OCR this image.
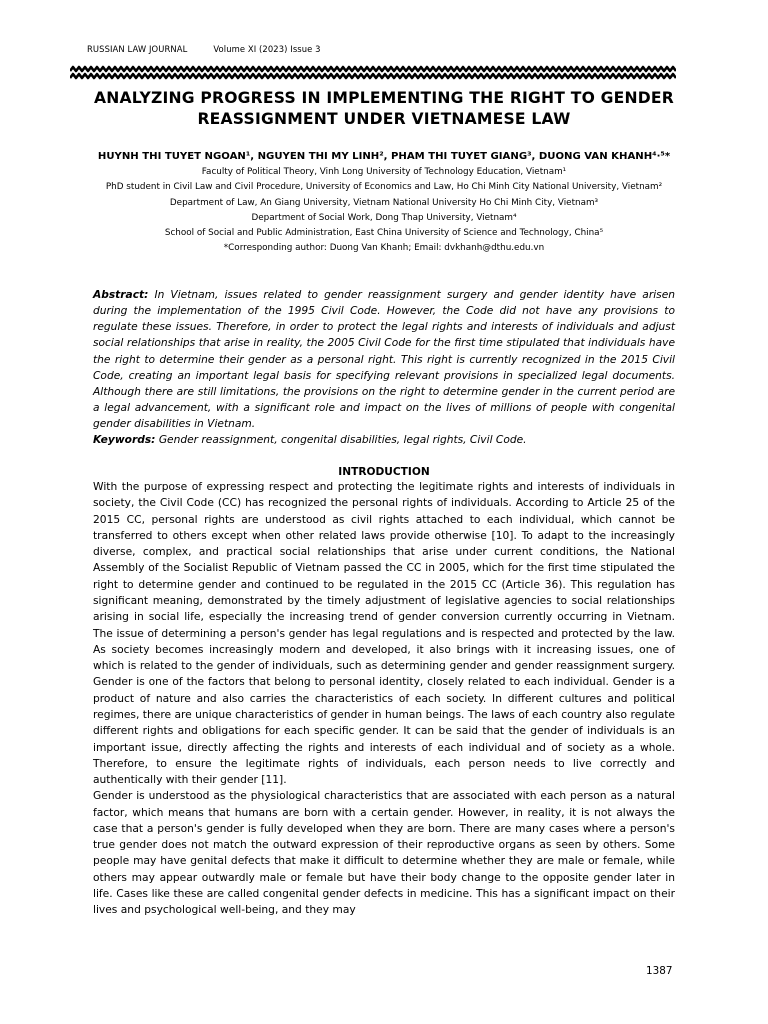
RUSSIAN LAW JOURNAL	Volume XI (2023) Issue 3
ANALYZING PROGRESS IN IMPLEMENTING THE RIGHT TO GENDER REASSIGNMENT UNDER VIETNAMESE LAW
HUYNH THI TUYET NGOAN¹, NGUYEN THI MY LINH², PHAM THI TUYET GIANG³, DUONG VAN KHANH⁴·⁵*
Faculty of Political Theory, Vinh Long University of Technology Education, Vietnam¹
PhD student in Civil Law and Civil Procedure, University of Economics and Law, Ho Chi Minh City National University, Vietnam²
Department of Law, An Giang University, Vietnam National University Ho Chi Minh City, Vietnam³
Department of Social Work, Dong Thap University, Vietnam⁴
School of Social and Public Administration, East China University of Science and Technology, China⁵
*Corresponding author: Duong Van Khanh; Email: dvkhanh@dthu.edu.vn
Abstract: In Vietnam, issues related to gender reassignment surgery and gender identity have arisen during the implementation of the 1995 Civil Code. However, the Code did not have any provisions to regulate these issues. Therefore, in order to protect the legal rights and interests of individuals and adjust social relationships that arise in reality, the 2005 Civil Code for the first time stipulated that individuals have the right to determine their gender as a personal right. This right is currently recognized in the 2015 Civil Code, creating an important legal basis for specifying relevant provisions in specialized legal documents. Although there are still limitations, the provisions on the right to determine gender in the current period are a legal advancement, with a significant role and impact on the lives of millions of people with congenital gender disabilities in Vietnam.
Keywords: Gender reassignment, congenital disabilities, legal rights, Civil Code.
INTRODUCTION

With the purpose of expressing respect and protecting the legitimate rights and interests of individuals in society, the Civil Code (CC) has recognized the personal rights of individuals. According to Article 25 of the 2015 CC, personal rights are understood as civil rights attached to each individual, which cannot be transferred to others except when other related laws provide otherwise [10]. To adapt to the increasingly diverse, complex, and practical social relationships that arise under current conditions, the National Assembly of the Socialist Republic of Vietnam passed the CC in 2005, which for the first time stipulated the right to determine gender and continued to be regulated in the 2015 CC (Article 36). This regulation has significant meaning, demonstrated by the timely adjustment of legislative agencies to social relationships arising in social life, especially the increasing trend of gender conversion currently occurring in Vietnam. The issue of determining a person's gender has legal regulations and is respected and protected by the law. As society becomes increasingly modern and developed, it also brings with it increasing issues, one of which is related to the gender of individuals, such as determining gender and gender reassignment surgery. Gender is one of the factors that belong to personal identity, closely related to each individual. Gender is a product of nature and also carries the characteristics of each society. In different cultures and political regimes, there are unique characteristics of gender in human beings. The laws of each country also regulate different rights and obligations for each specific gender. It can be said that the gender of individuals is an important issue, directly affecting the rights and interests of each individual and of society as a whole. Therefore, to ensure the legitimate rights of individuals, each person needs to live correctly and authentically with their gender [11].

Gender is understood as the physiological characteristics that are associated with each person as a natural factor, which means that humans are born with a certain gender. However, in reality, it is not always the case that a person's gender is fully developed when they are born. There are many cases where a person's true gender does not match the outward expression of their reproductive organs as seen by others. Some people may have genital defects that make it difficult to determine whether they are male or female, while others may appear outwardly male or female but have their body change to the opposite gender later in life. Cases like these are called congenital gender defects in medicine. This has a significant impact on their lives and psychological well-being, and they may

1387
